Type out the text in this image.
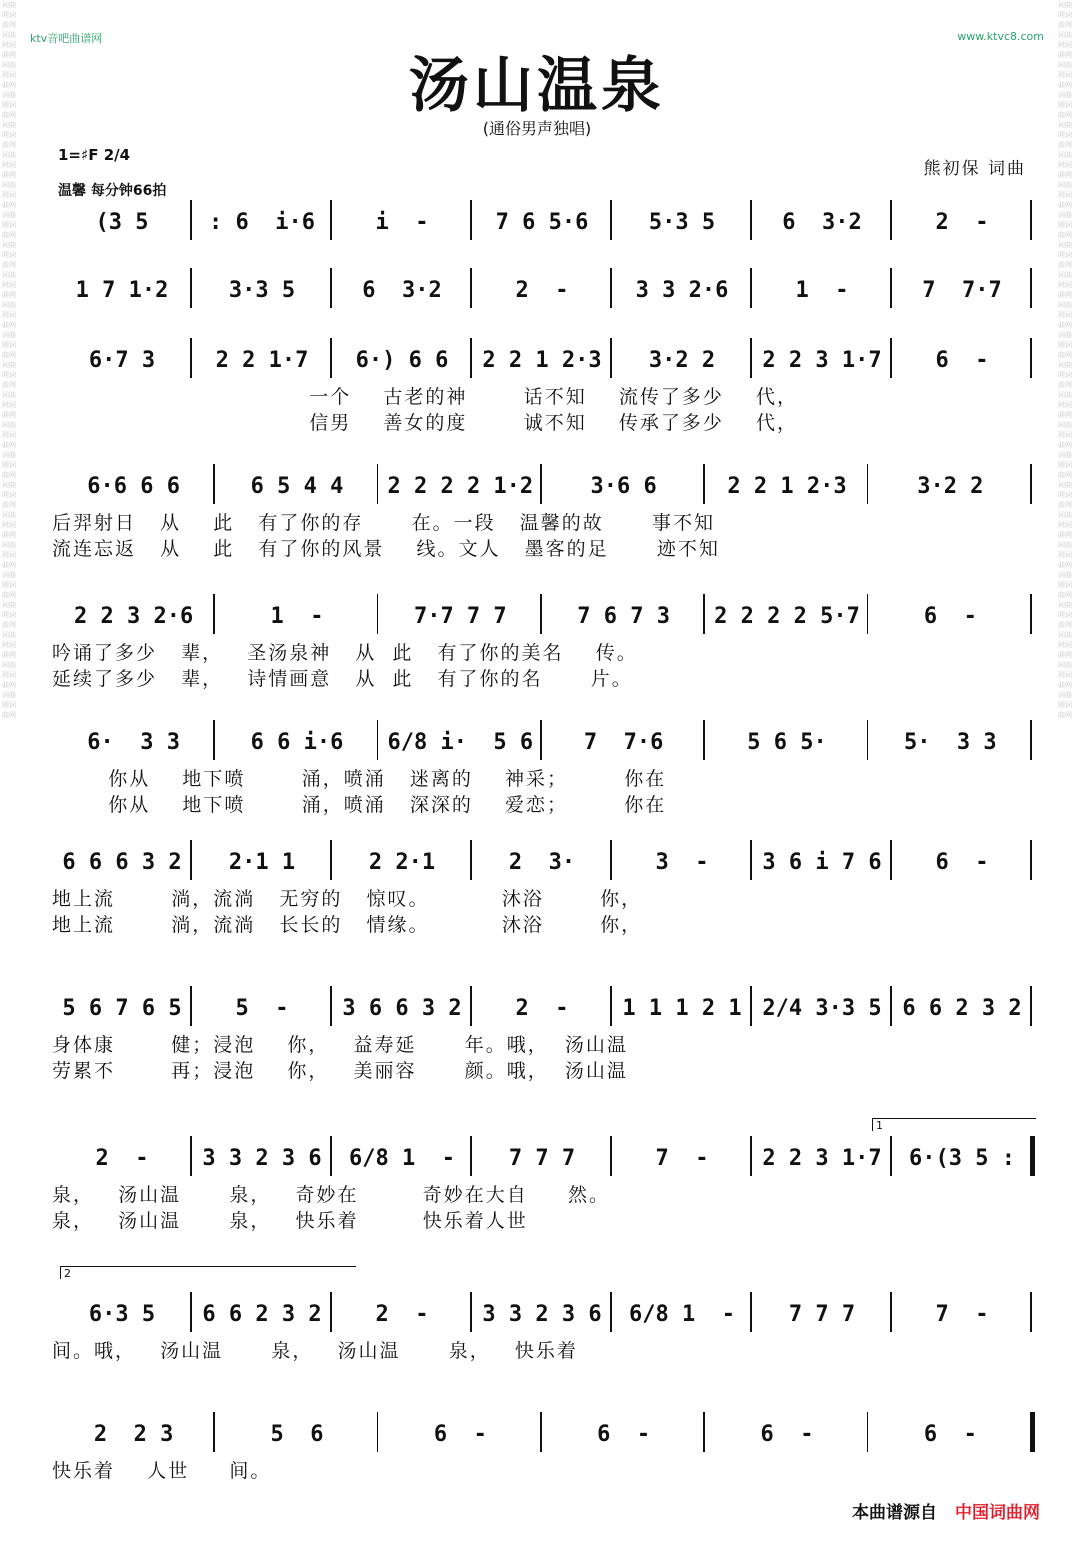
词曲网词曲网词曲网词曲网词曲网词曲网词曲网词曲网词曲网词曲网词曲网词曲网词曲网词曲网词曲网词曲网词曲网词曲网词曲网词曲网词曲网词曲网词曲网词曲网词曲网词曲网词曲网词曲网词曲网词曲网词曲网词曲网词曲网词曲网词曲网词曲网词曲网词曲网词曲网词曲网词曲网词曲网词曲网词曲网词曲网词曲网词曲网词曲网
词曲网词曲网词曲网词曲网词曲网词曲网词曲网词曲网词曲网词曲网词曲网词曲网词曲网词曲网词曲网词曲网词曲网词曲网词曲网词曲网词曲网词曲网词曲网词曲网词曲网词曲网词曲网词曲网词曲网词曲网词曲网词曲网词曲网词曲网词曲网词曲网词曲网词曲网词曲网词曲网词曲网词曲网词曲网词曲网词曲网词曲网词曲网词曲网
ktv音吧曲谱网	www.ktvc8.com
汤山温泉
(通俗男声独唱)
1=♯F 2/4
温馨 每分钟66拍
熊初保 词曲
(3 5	: 6  i·6	i  -	7 6 5·6	5·3 5	6  3·2	2  -
1 7 1·2	3·3 5	6  3·2	2  -	3 3 2·6	1  -	7  7·7
6·7 3	2 2 1·7	6·) 6 6	2 2 1 2·3	3·2 2	2 2 3 1·7	6  -
一个    古老的神       话不知    流传了多少    代，
信男    善女的度       诚不知    传承了多少    代，
6·6 6 6	6 5 4 4	2 2 2 2 1·2	3·6 6	2 2 1 2·3	3·2 2
后羿射日   从    此   有了你的存      在。一段   温馨的故      事不知
流连忘返   从    此   有了你的风景    线。文人   墨客的足      迹不知
2 2 3 2·6	1  -	7·7 7 7	7 6 7 3	2 2 2 2 5·7	6  -
吟诵了多少   辈，   圣汤泉神   从  此   有了你的美名    传。
延续了多少   辈，   诗情画意   从  此   有了你的名      片。
6·  3 3	6 6 i·6	6/8 i·  5 6	7  7·6	5 6 5·	5·  3 3
你从    地下喷       涌，喷涌   迷离的    神采；       你在
你从    地下喷       涌，喷涌   深深的    爱恋；       你在
6 6 6 3 2	2·1 1	2 2·1	2  3·	3  -	3 6 i 7 6	6  -
地上流       淌，流淌   无穷的   惊叹。         沐浴       你，
地上流       淌，流淌   长长的   情缘。         沐浴       你，
5 6 7 6 5	5  -	3 6 6 3 2	2  -	1 1 1 2 1 2/4 3·3 5 6 6 2 3 2
身体康       健；浸泡    你，   益寿延      年。哦，  汤山温
劳累不       再；浸泡    你，   美丽容      颜。哦，  汤山温
2  -	3 3 2 3 6	6/8 1  -	7 7 7	7  -	2 2 3 1·7	6·(3 5 :
泉，   汤山温      泉，   奇妙在        奇妙在大自     然。
泉，   汤山温      泉，   快乐着        快乐着人世
6·3 5	6 6 2 3 2	2  -	3 3 2 3 6	6/8 1  -	7 7 7	7  -
间。哦，   汤山温      泉，   汤山温      泉，   快乐着
2  2 3	5  6	6  -	6  -	6  -	6  -
快乐着    人世     间。
本曲谱源自 中国词曲网
1
2
